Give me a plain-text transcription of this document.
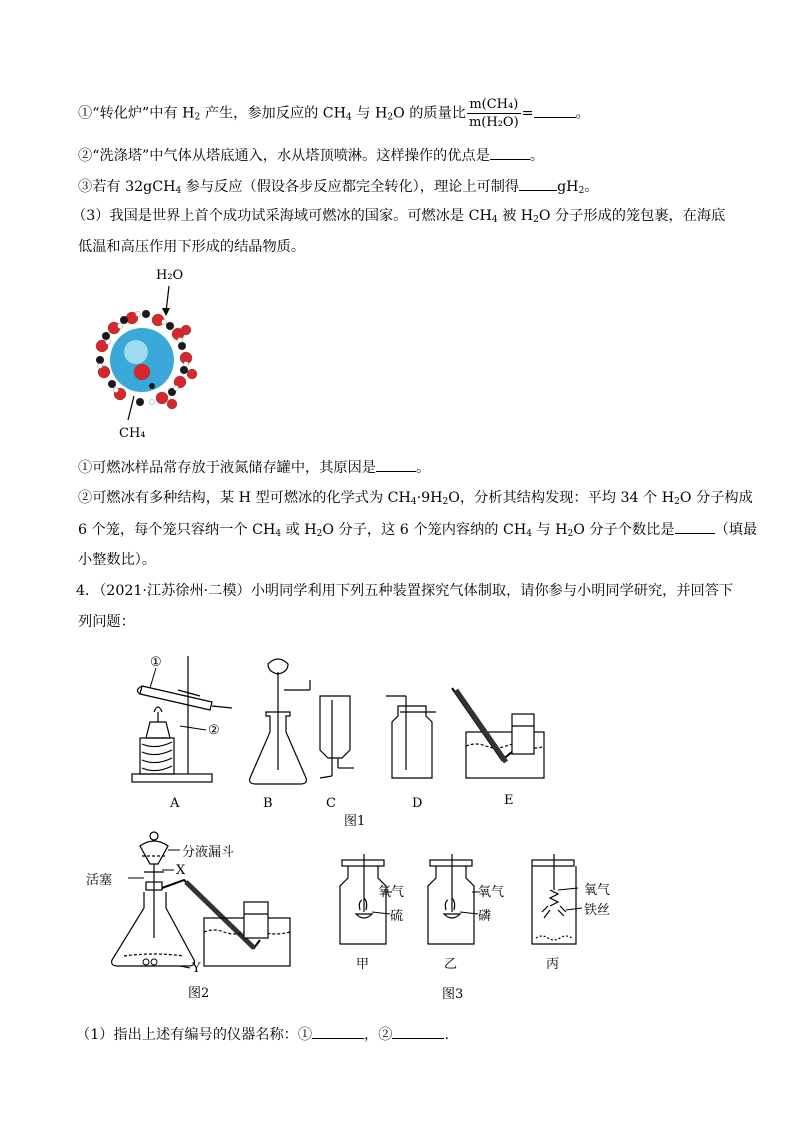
①“转化炉”中有 $H_2$ 产生，参加反应的 $CH_4$ 与 $H_2O$ 的质量比 $\frac{\text{m(CH₄)}}{\text{m(H₂O)}}$ =	。
②“洗涤塔”中气体从塔底通入，水从塔顶喷淋。这样操作的优点是	。
③若有 32gCH$_4$ 参与反应（假设各步反应都完全转化），理论上可制得	$gH_2$。
（3）我国是世界上首个成功试采海域可燃冰的国家。可燃冰是 $CH_4$ 被 $H_2O$ 分子形成的笼包裹，在海底
低温和高压作用下形成的结晶物质。
H₂O
CH₄
①可燃冰样品常存放于液氮储存罐中，其原因是	。
②可燃冰有多种结构，某 H 型可燃冰的化学式为 $CH_4\cdot 9H_2O$，分析其结构发现：平均 34 个 $H_2O$ 分子构成
6 个笼，每个笼只容纳一个 $CH_4$ 或 $H_2O$ 分子，这 6 个笼内容纳的 $CH_4$ 与 $H_2O$ 分子个数比是	（填最
小整数比）。
4．（2021·江苏徐州·二模）小明同学利用下列五种装置探究气体制取，请你参与小明同学研究，并回答下
列问题：
①
②
A	B	C	D	E
图1
分液漏斗
活塞
X
Y
图2
氧气
硫
氧气
磷
氧气
铁丝
甲	乙	丙
图3
（1）指出上述有编号的仪器名称：①	，②	.
